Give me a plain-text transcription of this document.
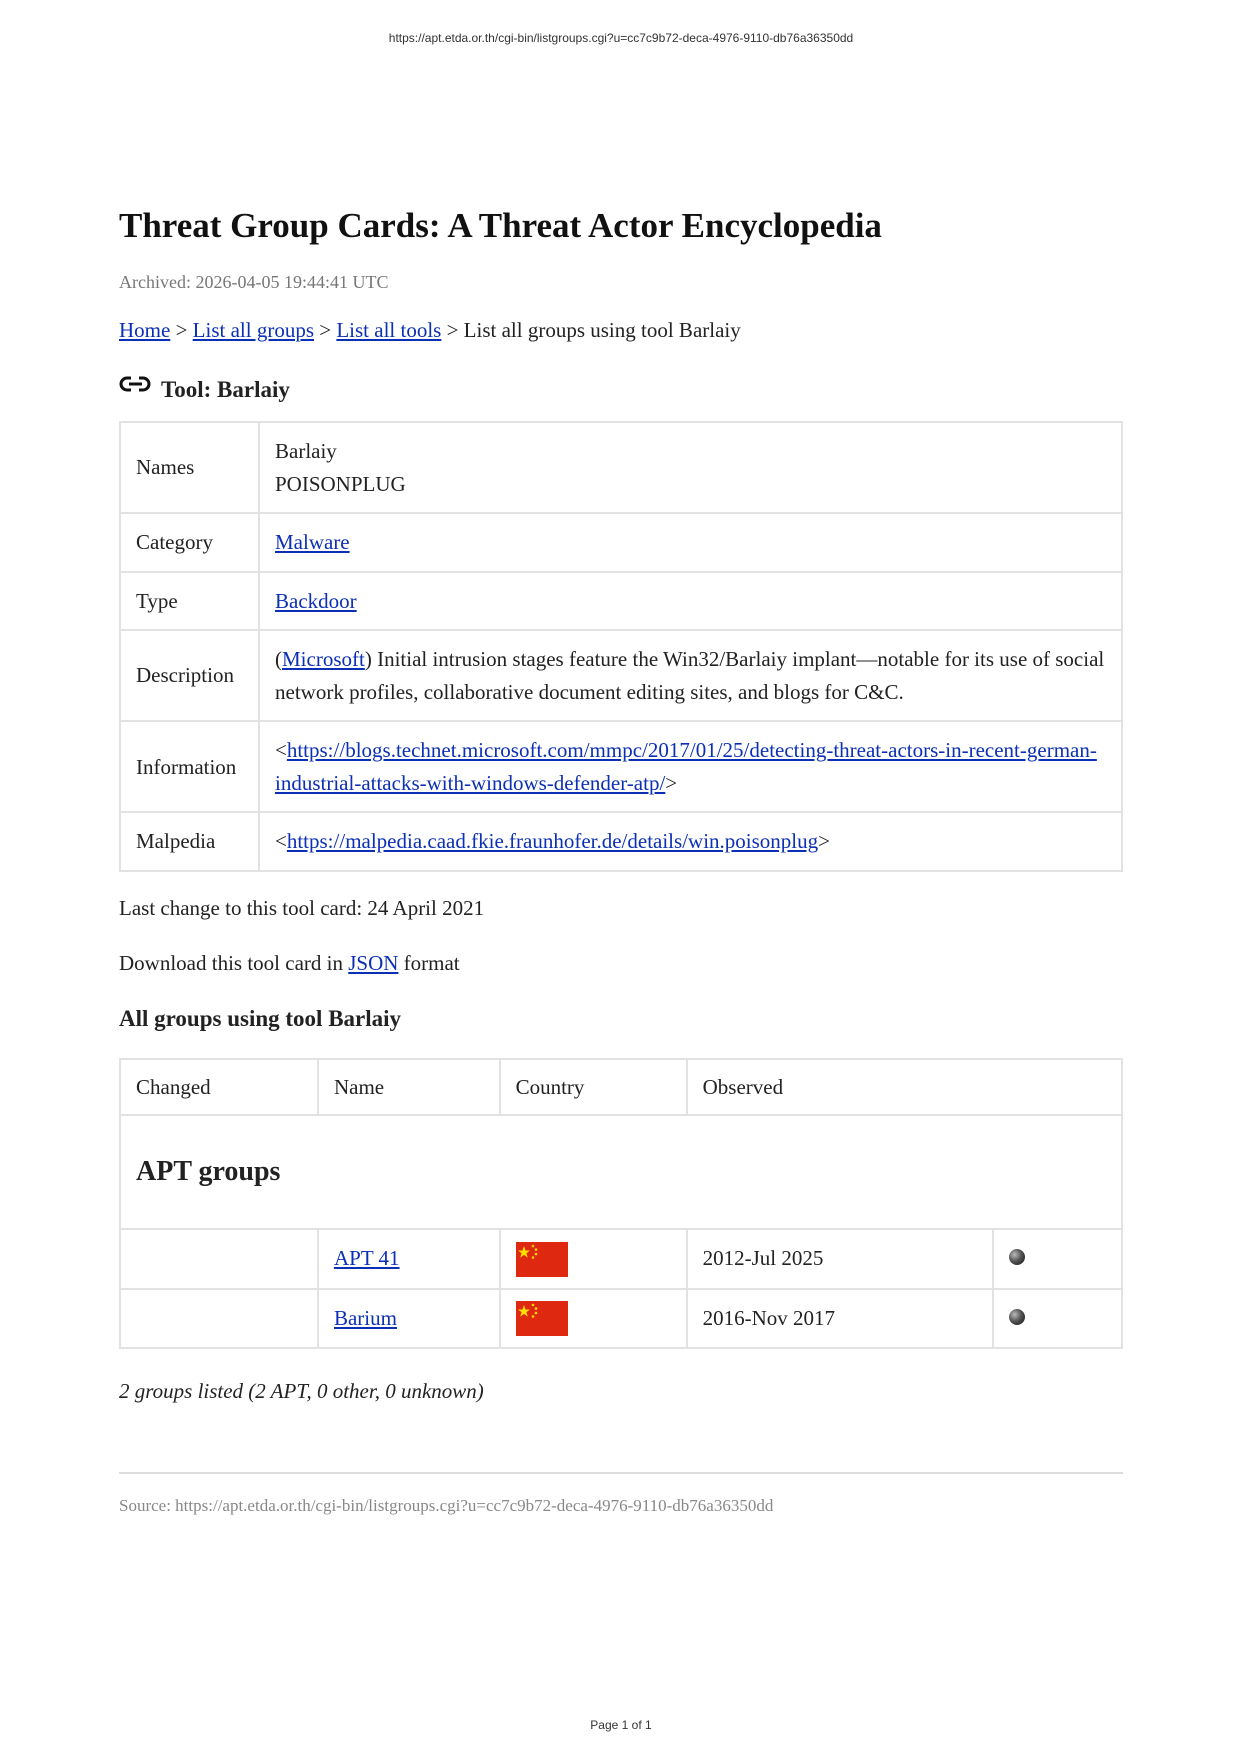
https://apt.etda.or.th/cgi-bin/listgroups.cgi?u=cc7c9b72-deca-4976-9110-db76a36350dd
Threat Group Cards: A Threat Actor Encyclopedia
Archived: 2026-04-05 19:44:41 UTC
Home > List all groups > List all tools > List all groups using tool Barlaiy
Tool: Barlaiy
Names	Barlaiy
POISONPLUG

Category	Malware
Type	Backdoor
Description	(Microsoft) Initial intrusion stages feature the Win32/Barlaiy implant—notable for its use of social network profiles, collaborative document editing sites, and blogs for C&C.
Information	<https://blogs.technet.microsoft.com/mmpc/2017/01/25/detecting-threat-actors-in-recent-german-industrial-attacks-with-windows-defender-atp/>
Malpedia	<https://malpedia.caad.fkie.fraunhofer.de/details/win.poisonplug>
Last change to this tool card: 24 April 2021
Download this tool card in JSON format
All groups using tool Barlaiy
Changed	Name	Country	Observed	
APT groups				
	APT 41		2012-Jul 2025	
	Barium		2016-Nov 2017	
2 groups listed (2 APT, 0 other, 0 unknown)
Source: https://apt.etda.or.th/cgi-bin/listgroups.cgi?u=cc7c9b72-deca-4976-9110-db76a36350dd
Page 1 of 1
